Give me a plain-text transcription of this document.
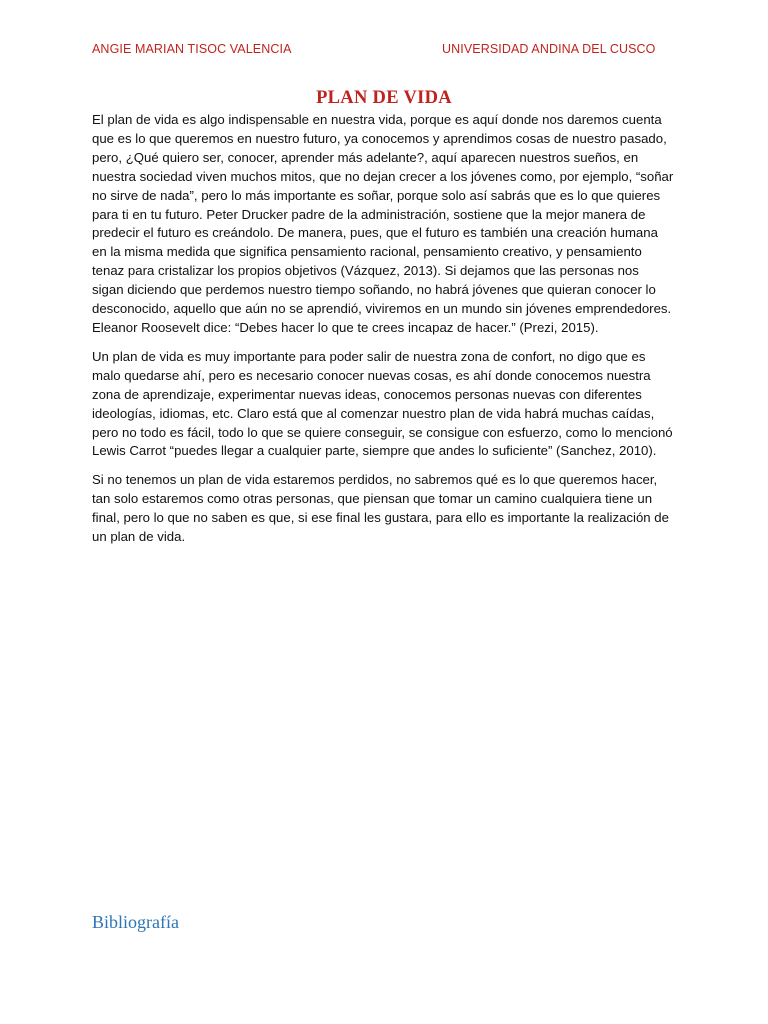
ANGIE MARIAN TISOC VALENCIA	UNIVERSIDAD ANDINA DEL CUSCO
PLAN DE VIDA

El plan de vida es algo indispensable en nuestra vida, porque es aquí donde nos daremos cuenta que es lo que queremos en nuestro futuro, ya conocemos y aprendimos cosas de nuestro pasado, pero, ¿Qué quiero ser, conocer, aprender más adelante?, aquí aparecen nuestros sueños, en nuestra sociedad viven muchos mitos, que no dejan crecer a los jóvenes como, por ejemplo, “soñar no sirve de nada”, pero lo más importante es soñar, porque solo así sabrás que es lo que quieres para ti en tu futuro. Peter Drucker padre de la administración, sostiene que la mejor manera de predecir el futuro es creándolo. De manera, pues, que el futuro es también una creación humana en la misma medida que significa pensamiento racional, pensamiento creativo, y pensamiento tenaz para cristalizar los propios objetivos (Vázquez, 2013). Si dejamos que las personas nos sigan diciendo que perdemos nuestro tiempo soñando, no habrá jóvenes que quieran conocer lo desconocido, aquello que aún no se aprendió, viviremos en un mundo sin jóvenes emprendedores. Eleanor Roosevelt dice: “Debes hacer lo que te crees incapaz de hacer.” (Prezi, 2015).

Un plan de vida es muy importante para poder salir de nuestra zona de confort, no digo que es malo quedarse ahí, pero es necesario conocer nuevas cosas, es ahí donde conocemos nuestra zona de aprendizaje, experimentar nuevas ideas, conocemos personas nuevas con diferentes ideologías, idiomas, etc. Claro está que al comenzar nuestro plan de vida habrá muchas caídas, pero no todo es fácil, todo lo que se quiere conseguir, se consigue con esfuerzo, como lo mencionó Lewis Carrot “puedes llegar a cualquier parte, siempre que andes lo suficiente” (Sanchez, 2010).

Si no tenemos un plan de vida estaremos perdidos, no sabremos qué es lo que queremos hacer, tan solo estaremos como otras personas, que piensan que tomar un camino cualquiera tiene un final, pero lo que no saben es que, si ese final les gustara, para ello es importante la realización de un plan de vida.

Bibliografía
